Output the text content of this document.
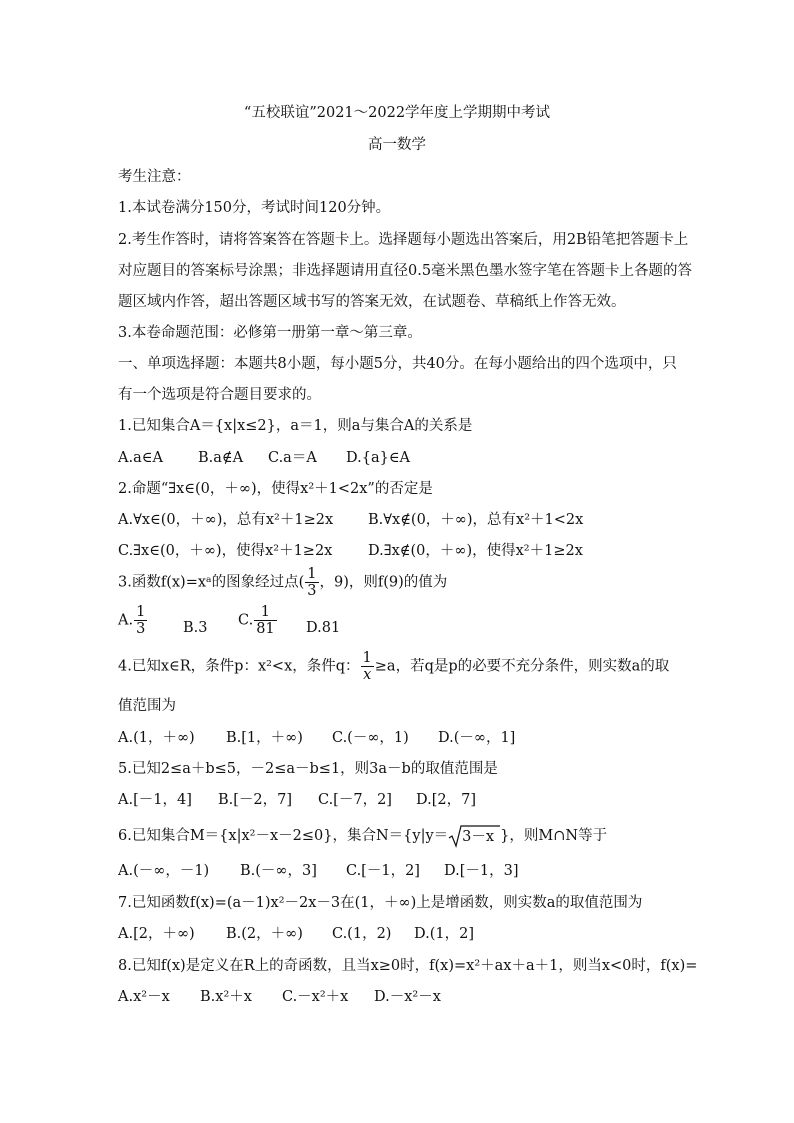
“五校联谊”2021～2022学年度上学期期中考试
高一数学
考生注意：
1.本试卷满分150分，考试时间120分钟。
2.考生作答时，请将答案答在答题卡上。选择题每小题选出答案后，用2B铅笔把答题卡上
对应题目的答案标号涂黑；非选择题请用直径0.5毫米黑色墨水签字笔在答题卡上各题的答
题区域内作答，超出答题区域书写的答案无效，在试题卷、草稿纸上作答无效。
3.本卷命题范围：必修第一册第一章～第三章。
一、单项选择题：本题共8小题，每小题5分，共40分。在每小题给出的四个选项中，只
有一个选项是符合题目要求的。
1.已知集合A＝{x|x≤2}，a＝1，则a与集合A的关系是
A.a∈A B.a∉A C.a＝A D.{a}∈A
2.命题“∃x∈(0，＋∞)，使得x²＋1<2x”的否定是
A.∀x∈(0，＋∞)，总有x²＋1≥2x B.∀x∉(0，＋∞)，总有x²＋1<2x
C.∃x∈(0，＋∞)，使得x²＋1≥2x D.∃x∉(0，＋∞)，使得x²＋1≥2x
3.函数f(x)=xᵃ的图象经过点( $\frac{1}{3}$ ，9)，则f(9)的值为
A. $\frac{1}{3} B.3$ C. $\frac{1}{81} D.81$
4.已知x∈R，条件p：x²<x，条件q： $\frac{1}{x} \ge a$，若q是p的必要不充分条件，则实数a的取
值范围为
A.(1，＋∞) B.[1，＋∞) C.(－∞，1) D.(－∞，1]
5.已知2≤a＋b≤5，－2≤a－b≤1，则3a－b的取值范围是
A.[－1，4] B.[－2，7] C.[－7，2] D.[2，7]
6.已知集合M＝{x|x²－x－2≤0}，集合N＝{y|y＝ 3－x }，则M∩N等于
A.(－∞，－1) B.(－∞，3] C.[－1，2] D.[－1，3]
7.已知函数f(x)=(a－1)x²－2x－3在(1，＋∞)上是增函数，则实数a的取值范围为
A.[2，＋∞) B.(2，＋∞) C.(1，2) D.(1，2]
8.已知f(x)是定义在R上的奇函数，且当x≥0时，f(x)=x²＋ax＋a＋1，则当x<0时，f(x)=
A.x²－x B.x²＋x C.－x²＋x D.－x²－x
